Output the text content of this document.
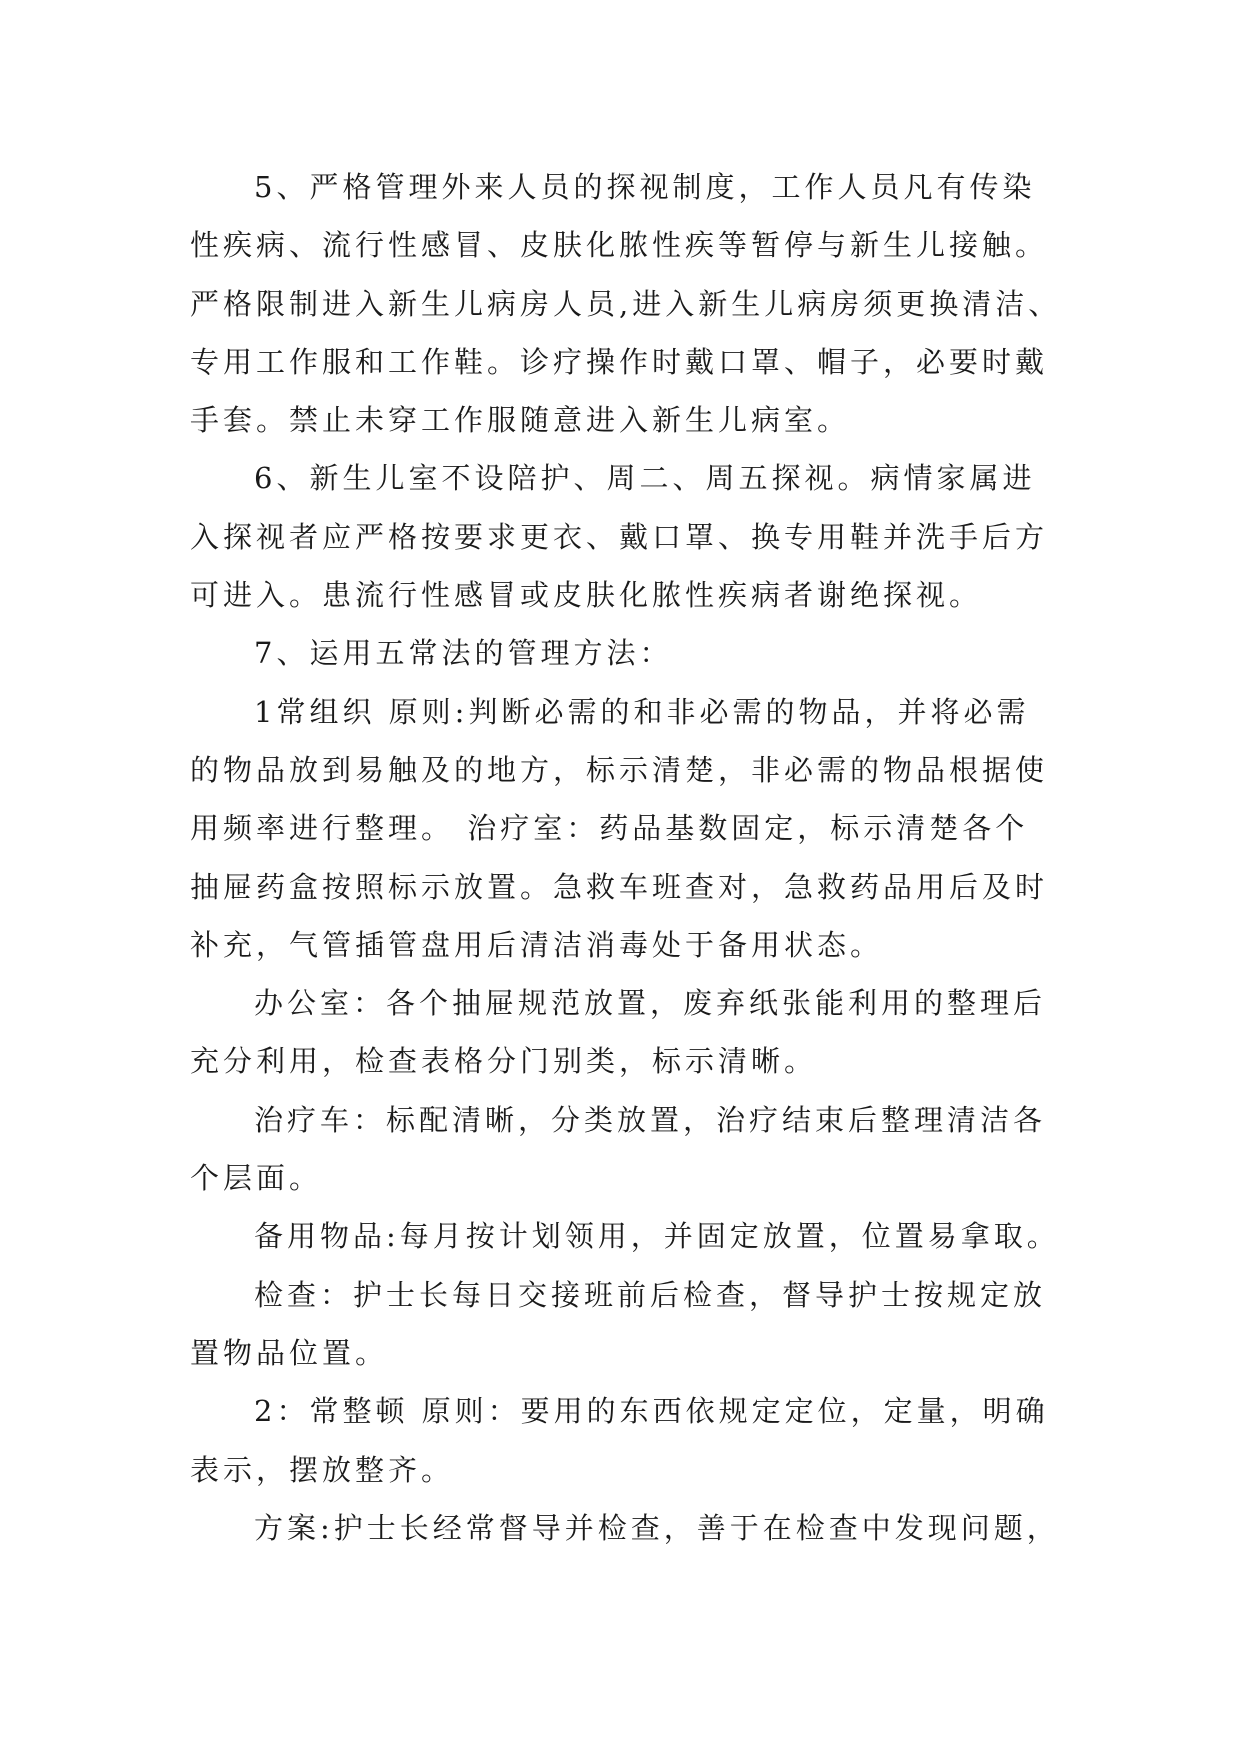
5、严格管理外来人员的探视制度，工作人员凡有传染
性疾病、流行性感冒、皮肤化脓性疾等暂停与新生儿接触。
严格限制进入新生儿病房人员,进入新生儿病房须更换清洁、
专用工作服和工作鞋。诊疗操作时戴口罩、帽子，必要时戴
手套。禁止未穿工作服随意进入新生儿病室。
6、新生儿室不设陪护、周二、周五探视。病情家属进
入探视者应严格按要求更衣、戴口罩、换专用鞋并洗手后方
可进入。患流行性感冒或皮肤化脓性疾病者谢绝探视。
7、运用五常法的管理方法：
1常组织 原则:判断必需的和非必需的物品，并将必需
的物品放到易触及的地方，标示清楚，非必需的物品根据使
用频率进行整理。 治疗室：药品基数固定，标示清楚各个
抽屉药盒按照标示放置。急救车班查对，急救药品用后及时
补充，气管插管盘用后清洁消毒处于备用状态。
办公室：各个抽屉规范放置，废弃纸张能利用的整理后
充分利用，检查表格分门别类，标示清晰。
治疗车：标配清晰，分类放置，治疗结束后整理清洁各
个层面。
备用物品:每月按计划领用，并固定放置，位置易拿取。
检查：护士长每日交接班前后检查，督导护士按规定放
置物品位置。
2：常整顿 原则：要用的东西依规定定位，定量，明确
表示，摆放整齐。
方案:护士长经常督导并检查，善于在检查中发现问题，
